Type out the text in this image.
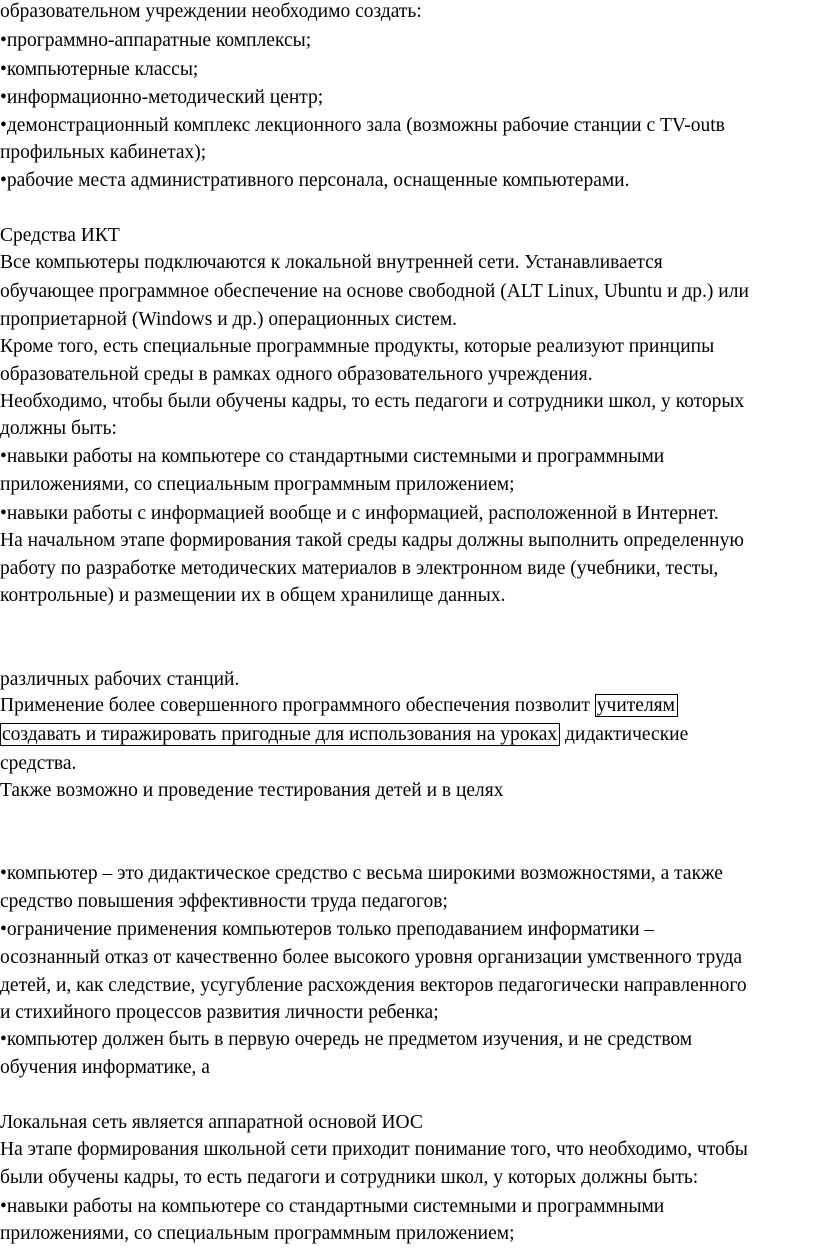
образовательном учреждении необходимо создать:
•программно-аппаратные комплексы;
•компьютерные классы;
•информационно-методический центр;
•демонстрационный комплекс лекционного зала (возможны рабочие станции с TV-outв
профильных кабинетах);
•рабочие места административного персонала, оснащенные компьютерами.
Средства ИКТ
Все компьютеры подключаются к локальной внутренней сети. Устанавливается
обучающее программное обеспечение на основе свободной (ALT Linux, Ubuntu и др.) или
проприетарной (Windows и др.) операционных систем.
Кроме того, есть специальные программные продукты, которые реализуют принципы
образовательной среды в рамках одного образовательного учреждения.
Необходимо, чтобы были обучены кадры, то есть педагоги и сотрудники школ, у которых
должны быть:
•навыки работы на компьютере со стандартными системными и программными
приложениями, со специальным программным приложением;
•навыки работы с информацией вообще и с информацией, расположенной в Интернет.
На начальном этапе формирования такой среды кадры должны выполнить определенную
работу по разработке методических материалов в электронном виде (учебники, тесты,
контрольные) и размещении их в общем хранилище данных.
различных рабочих станций.
Применение более совершенного программного обеспечения позволит учителям
создавать и тиражировать пригодные для использования на уроках дидактические
средства.
Также возможно и проведение тестирования детей и в целях
•компьютер – это дидактическое средство с весьма широкими возможностями, а также
средство повышения эффективности труда педагогов;
•ограничение применения компьютеров только преподаванием информатики –
осознанный отказ от качественно более высокого уровня организации умственного труда
детей, и, как следствие, усугубление расхождения векторов педагогически направленного
и стихийного процессов развития личности ребенка;
•компьютер должен быть в первую очередь не предметом изучения, и не средством
обучения информатике, а
Локальная сеть является аппаратной основой ИОС
На этапе формирования школьной сети приходит понимание того, что необходимо, чтобы
были обучены кадры, то есть педагоги и сотрудники школ, у которых должны быть:
•навыки работы на компьютере со стандартными системными и программными
приложениями, со специальным программным приложением;
